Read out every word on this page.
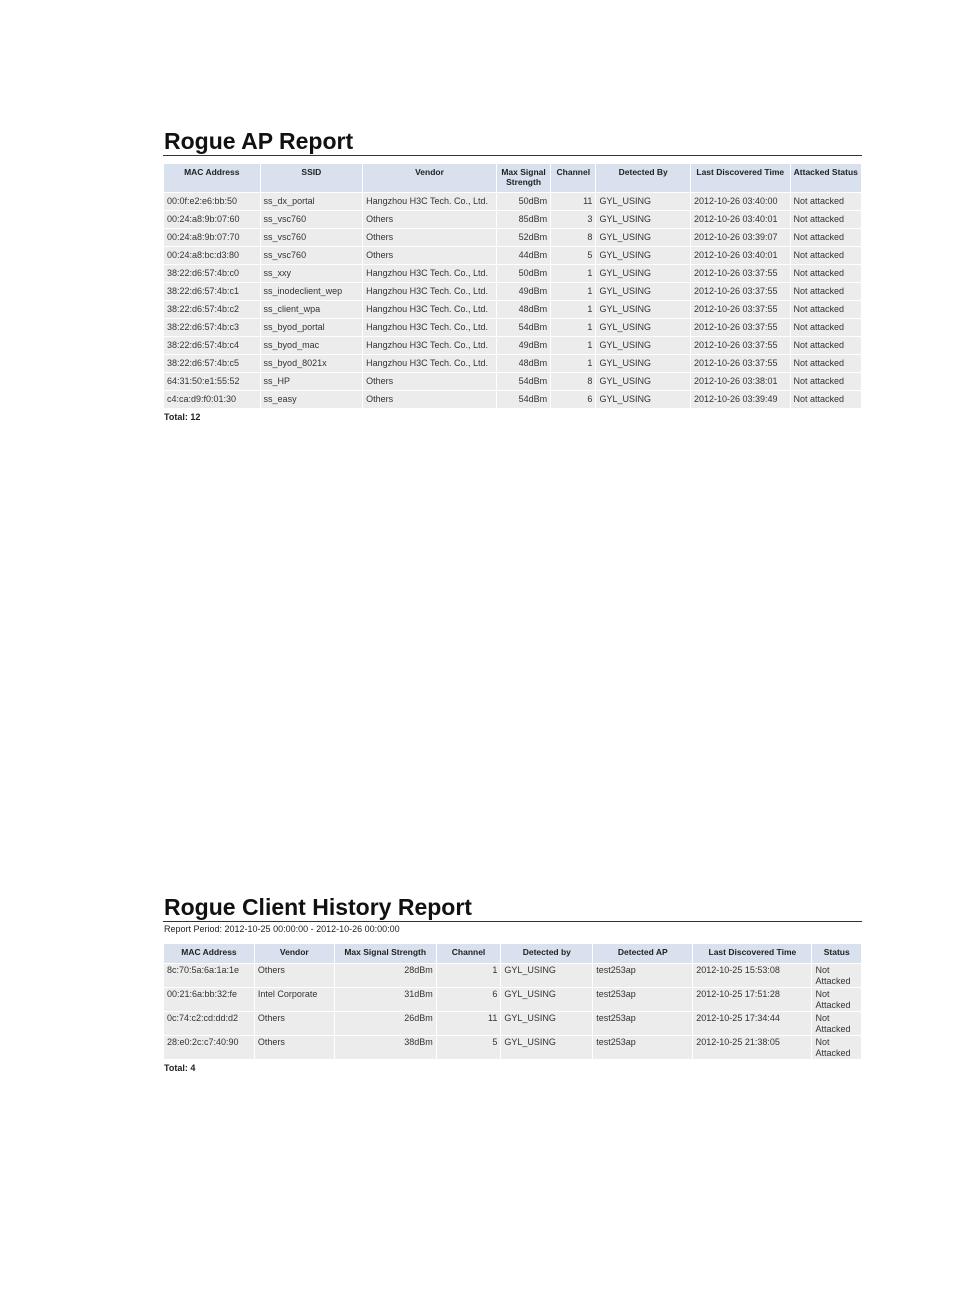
Rogue AP Report
MAC Address	SSID	Vendor	Max Signal Strength	Channel	Detected By	Last Discovered Time	Attacked Status
00:0f:e2:e6:bb:50	ss_dx_portal	Hangzhou H3C Tech. Co., Ltd.	50dBm	11	GYL_USING	2012-10-26 03:40:00	Not attacked
00:24:a8:9b:07:60	ss_vsc760	Others	85dBm	3	GYL_USING	2012-10-26 03:40:01	Not attacked
00:24:a8:9b:07:70	ss_vsc760	Others	52dBm	8	GYL_USING	2012-10-26 03:39:07	Not attacked
00:24:a8:bc:d3:80	ss_vsc760	Others	44dBm	5	GYL_USING	2012-10-26 03:40:01	Not attacked
38:22:d6:57:4b:c0	ss_xxy	Hangzhou H3C Tech. Co., Ltd.	50dBm	1	GYL_USING	2012-10-26 03:37:55	Not attacked
38:22:d6:57:4b:c1	ss_inodeclient_wep	Hangzhou H3C Tech. Co., Ltd.	49dBm	1	GYL_USING	2012-10-26 03:37:55	Not attacked
38:22:d6:57:4b:c2	ss_client_wpa	Hangzhou H3C Tech. Co., Ltd.	48dBm	1	GYL_USING	2012-10-26 03:37:55	Not attacked
38:22:d6:57:4b:c3	ss_byod_portal	Hangzhou H3C Tech. Co., Ltd.	54dBm	1	GYL_USING	2012-10-26 03:37:55	Not attacked
38:22:d6:57:4b:c4	ss_byod_mac	Hangzhou H3C Tech. Co., Ltd.	49dBm	1	GYL_USING	2012-10-26 03:37:55	Not attacked
38:22:d6:57:4b:c5	ss_byod_8021x	Hangzhou H3C Tech. Co., Ltd.	48dBm	1	GYL_USING	2012-10-26 03:37:55	Not attacked
64:31:50:e1:55:52	ss_HP	Others	54dBm	8	GYL_USING	2012-10-26 03:38:01	Not attacked
c4:ca:d9:f0:01:30	ss_easy	Others	54dBm	6	GYL_USING	2012-10-26 03:39:49	Not attacked
Total: 12
Rogue Client History Report
Report Period: 2012-10-25 00:00:00 - 2012-10-26 00:00:00
MAC Address	Vendor	Max Signal Strength	Channel	Detected by	Detected AP	Last Discovered Time	Status
8c:70:5a:6a:1a:1e	Others	28dBm	1	GYL_USING	test253ap	2012-10-25 15:53:08	Not Attacked
00:21:6a:bb:32:fe	Intel Corporate	31dBm	6	GYL_USING	test253ap	2012-10-25 17:51:28	Not Attacked
0c:74:c2:cd:dd:d2	Others	26dBm	11	GYL_USING	test253ap	2012-10-25 17:34:44	Not Attacked
28:e0:2c:c7:40:90	Others	38dBm	5	GYL_USING	test253ap	2012-10-25 21:38:05	Not Attacked
Total: 4
